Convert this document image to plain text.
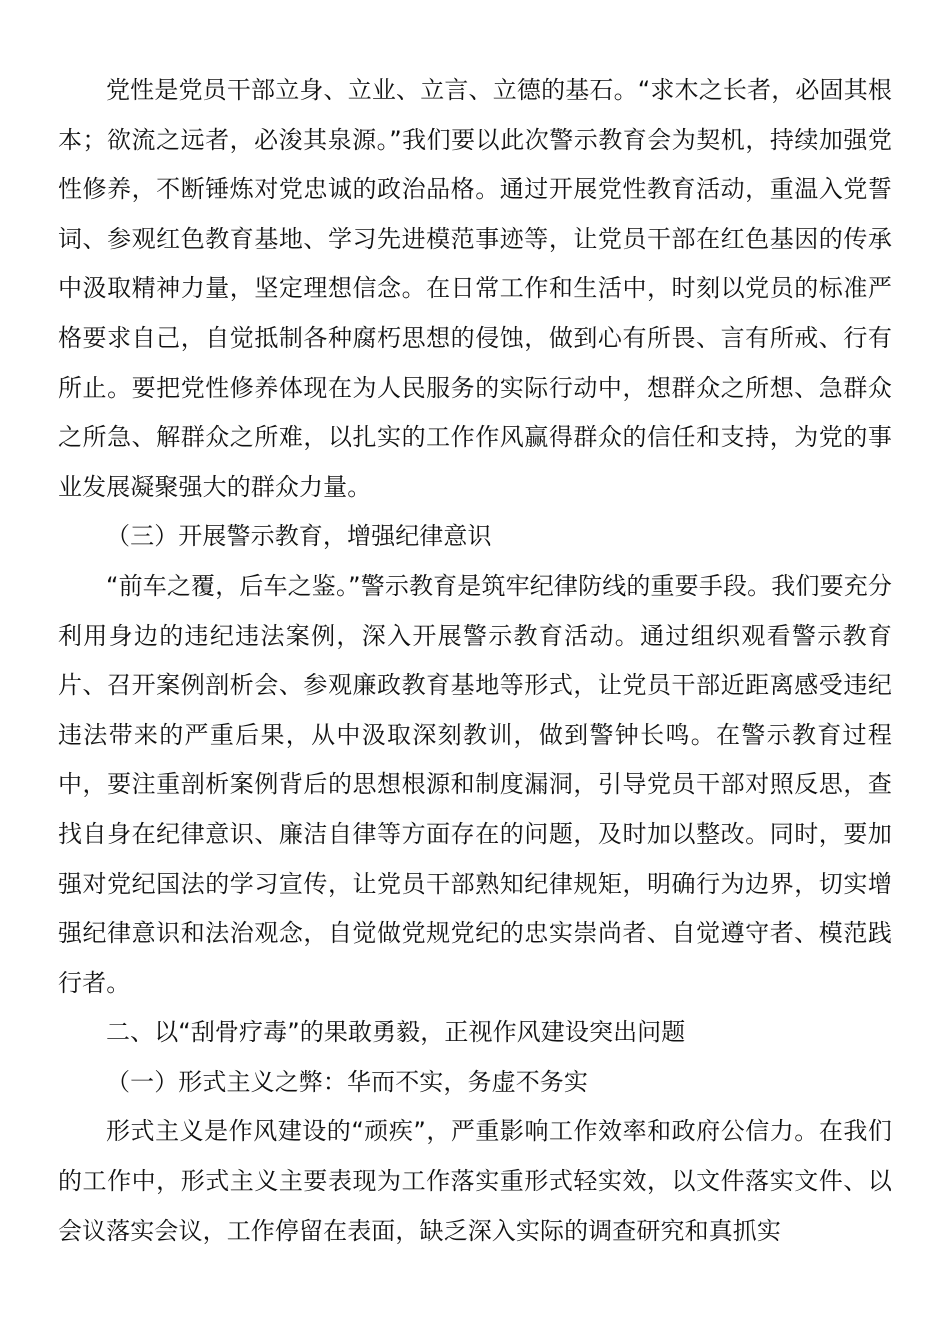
党性是党员干部立身、立业、立言、立德的基石。“求木之长者，必固其根本；欲流之远者，必浚其泉源。”我们要以此次警示教育会为契机，持续加强党性修养，不断锤炼对党忠诚的政治品格。通过开展党性教育活动，重温入党誓词、参观红色教育基地、学习先进模范事迹等，让党员干部在红色基因的传承中汲取精神力量，坚定理想信念。在日常工作和生活中，时刻以党员的标准严格要求自己，自觉抵制各种腐朽思想的侵蚀，做到心有所畏、言有所戒、行有所止。要把党性修养体现在为人民服务的实际行动中，想群众之所想、急群众之所急、解群众之所难，以扎实的工作作风赢得群众的信任和支持，为党的事业发展凝聚强大的群众力量。

（三）开展警示教育，增强纪律意识

“前车之覆，后车之鉴。”警示教育是筑牢纪律防线的重要手段。我们要充分利用身边的违纪违法案例，深入开展警示教育活动。通过组织观看警示教育片、召开案例剖析会、参观廉政教育基地等形式，让党员干部近距离感受违纪违法带来的严重后果，从中汲取深刻教训，做到警钟长鸣。在警示教育过程中，要注重剖析案例背后的思想根源和制度漏洞，引导党员干部对照反思，查找自身在纪律意识、廉洁自律等方面存在的问题，及时加以整改。同时，要加强对党纪国法的学习宣传，让党员干部熟知纪律规矩，明确行为边界，切实增强纪律意识和法治观念，自觉做党规党纪的忠实崇尚者、自觉遵守者、模范践行者。

二、以“刮骨疗毒”的果敢勇毅，正视作风建设突出问题

（一）形式主义之弊：华而不实，务虚不务实

形式主义是作风建设的“顽疾”，严重影响工作效率和政府公信力。在我们的工作中，形式主义主要表现为工作落实重形式轻实效，以文件落实文件、以会议落实会议，工作停留在表面，缺乏深入实际的调查研究和真抓实
